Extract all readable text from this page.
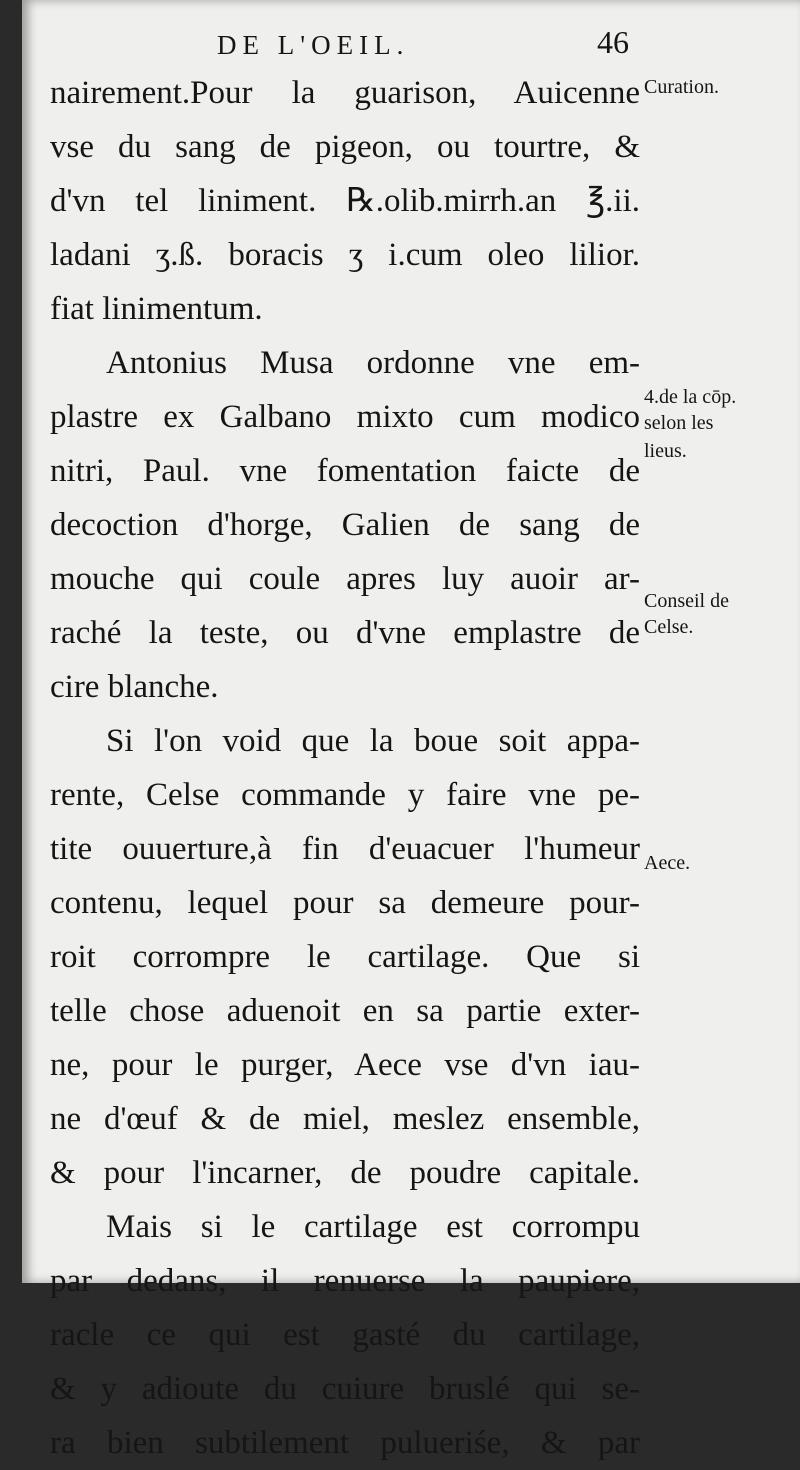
DE L'OEIL.	46
nairement.Pour la guarison, Auicenne
vse du sang de pigeon, ou tourtre, &
d'vn tel liniment. ℞.olib.mirrh.an ℥.ii.
ladani ʒ.ß. boracis ʒ i.cum oleo lilior.
fiat linimentum.
Antonius Musa ordonne vne em-
plastre ex Galbano mixto cum modico
nitri, Paul. vne fomentation faicte de
decoction d'horge, Galien de sang de
mouche qui coule apres luy auoir ar-
raché la teste, ou d'vne emplastre de
cire blanche.
Si l'on void que la boue soit appa-
rente, Celse commande y faire vne pe-
tite ouuerture,à fin d'euacuer l'humeur
contenu, lequel pour sa demeure pour-
roit corrompre le cartilage. Que si
telle chose aduenoit en sa partie exter-
ne, pour le purger, Aece vse d'vn iau-
ne d'œuf & de miel, meslez ensemble,
& pour l'incarner, de poudre capitale.
Mais si le cartilage est corrompu
par dedans, il renuerse la paupiere,
racle ce qui est gasté du cartilage,
& y adioute du cuiure bruslé qui se-
ra bien subtilement pulueriśe, & par
Curation.
4.de la cōp.
selon les
lieus.
Conseil de
Celse.
Aece.
